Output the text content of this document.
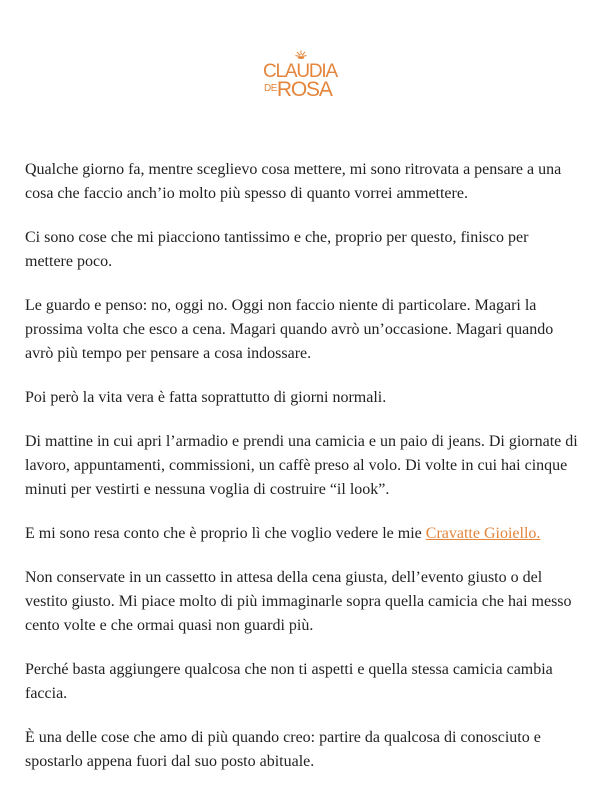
CLAUDIA
DEROSA

Qualche giorno fa, mentre sceglievo cosa mettere, mi sono ritrovata a pensare a una cosa che faccio anch’io molto più spesso di quanto vorrei ammettere.

Ci sono cose che mi piacciono tantissimo e che, proprio per questo, finisco per mettere poco.

Le guardo e penso: no, oggi no. Oggi non faccio niente di particolare. Magari la prossima volta che esco a cena. Magari quando avrò un’occasione. Magari quando avrò più tempo per pensare a cosa indossare.

Poi però la vita vera è fatta soprattutto di giorni normali.

Di mattine in cui apri l’armadio e prendi una camicia e un paio di jeans. Di giornate di lavoro, appuntamenti, commissioni, un caffè preso al volo. Di volte in cui hai cinque minuti per vestirti e nessuna voglia di costruire “il look”.

E mi sono resa conto che è proprio lì che voglio vedere le mie Cravatte Gioiello.

Non conservate in un cassetto in attesa della cena giusta, dell’evento giusto o del vestito giusto. Mi piace molto di più immaginarle sopra quella camicia che hai messo cento volte e che ormai quasi non guardi più.

Perché basta aggiungere qualcosa che non ti aspetti e quella stessa camicia cambia faccia.

È una delle cose che amo di più quando creo: partire da qualcosa di conosciuto e spostarlo appena fuori dal suo posto abituale.
